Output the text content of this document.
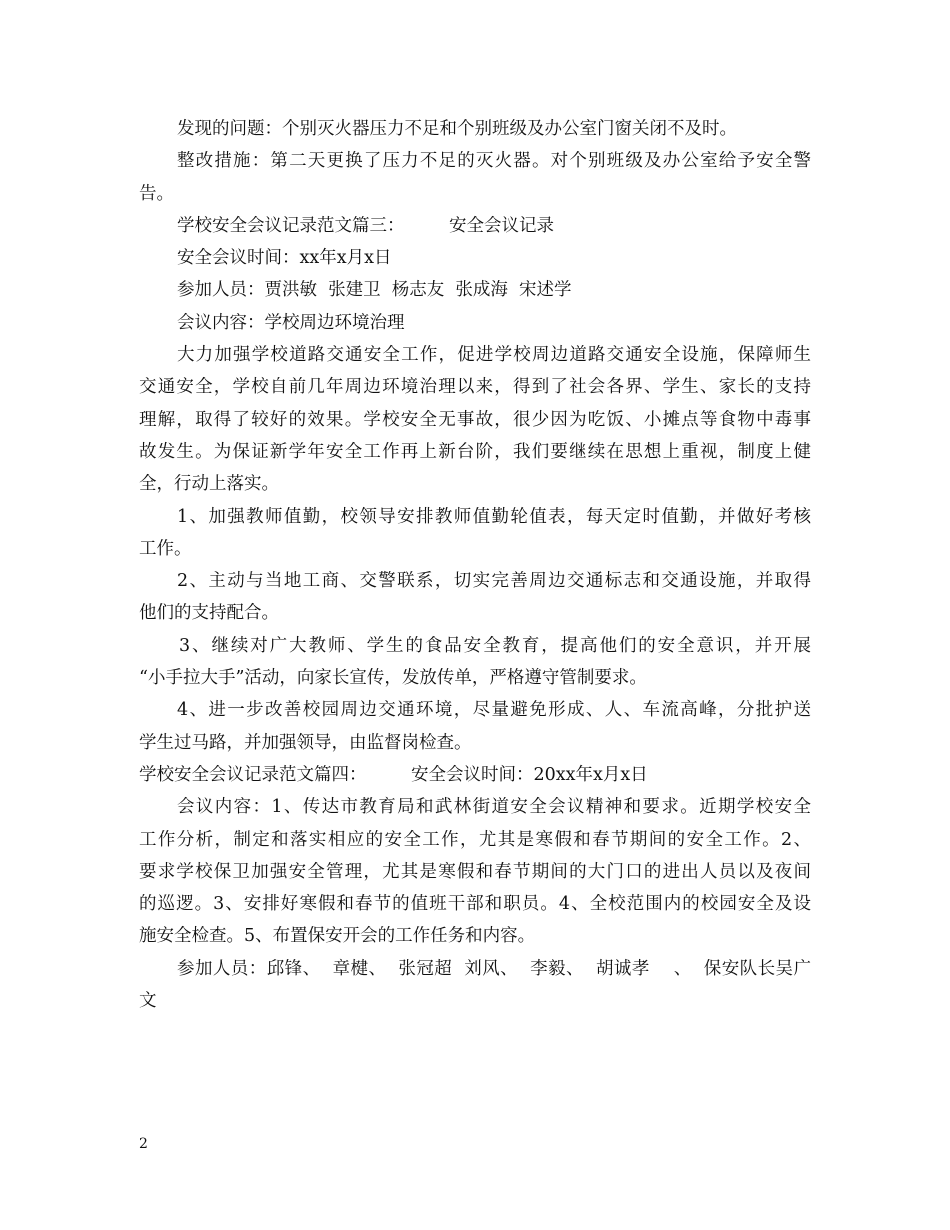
发现的问题：个别灭火器压力不足和个别班级及办公室门窗关闭不及时。
整改措施：第二天更换了压力不足的灭火器。对个别班级及办公室给予安全警
告。
学校安全会议记录范文篇三：        安全会议记录
安全会议时间：xx年x月x日
参加人员：贾洪敏  张建卫  杨志友  张成海  宋述学
会议内容：学校周边环境治理
大力加强学校道路交通安全工作，促进学校周边道路交通安全设施，保障师生
交通安全，学校自前几年周边环境治理以来，得到了社会各界、学生、家长的支持
理解，取得了较好的效果。学校安全无事故，很少因为吃饭、小摊点等食物中毒事
故发生。为保证新学年安全工作再上新台阶，我们要继续在思想上重视，制度上健
全，行动上落实。
1、加强教师值勤，校领导安排教师值勤轮值表，每天定时值勤，并做好考核
工作。
2、主动与当地工商、交警联系，切实完善周边交通标志和交通设施，并取得
他们的支持配合。
3、继续对广大教师、学生的食品安全教育，提高他们的安全意识，并开展
“小手拉大手”活动，向家长宣传，发放传单，严格遵守管制要求。
4、进一步改善校园周边交通环境，尽量避免形成、人、车流高峰，分批护送
学生过马路，并加强领导，由监督岗检查。
学校安全会议记录范文篇四：        安全会议时间：20xx年x月x日
会议内容：1、传达市教育局和武林街道安全会议精神和要求。近期学校安全
工作分析，制定和落实相应的安全工作，尤其是寒假和春节期间的安全工作。2、
要求学校保卫加强安全管理，尤其是寒假和春节期间的大门口的进出人员以及夜间
的巡逻。3、安排好寒假和春节的值班干部和职员。4、全校范围内的校园安全及设
施安全检查。5、布置保安开会的工作任务和内容。
参加人员：邱锋、  章楗、  张冠超  刘风、  李毅、  胡诚孝    、  保安队长吴广
文
2
